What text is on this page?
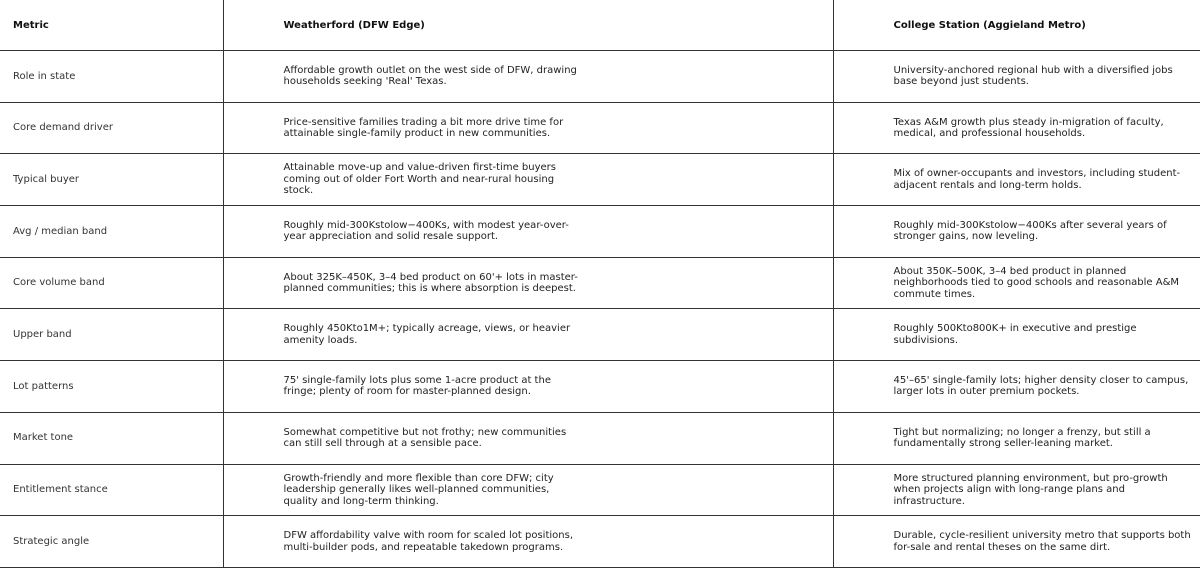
Metric	Weatherford (DFW Edge)	College Station (Aggieland Metro)
Role in state	Affordable growth outlet on the west side of DFW, drawing households seeking 'Real' Texas.	University-anchored regional hub with a diversified jobs base beyond just students.

Core demand driver	Price-sensitive families trading a bit more drive time for attainable single-family product in new communities.	Texas A&M growth plus steady in-migration of faculty, medical, and professional households.

Typical buyer	Attainable move-up and value-driven first-time buyers coming out of older Fort Worth and near-rural housing stock.	Mix of owner-occupants and investors, including student-adjacent rentals and long-term holds.

Avg / median band	Roughly mid-300Kstolow−400Ks, with modest year-over-year appreciation and solid resale support.	Roughly mid-300Kstolow−400Ks after several years of stronger gains, now leveling.

Core volume band	About 325K–450K, 3–4 bed product on 60'+ lots in master-planned communities; this is where absorption is deepest.	About 350K–500K, 3–4 bed product in planned neighborhoods tied to good schools and reasonable A&M commute times.

Upper band	Roughly 450Kto1M+; typically acreage, views, or heavier amenity loads.	Roughly 500Kto800K+ in executive and prestige subdivisions.

Lot patterns	75' single-family lots plus some 1-acre product at the fringe; plenty of room for master-planned design.	45'–65' single-family lots; higher density closer to campus, larger lots in outer premium pockets.

Market tone	Somewhat competitive but not frothy; new communities can still sell through at a sensible pace.	Tight but normalizing; no longer a frenzy, but still a fundamentally strong seller-leaning market.

Entitlement stance	Growth-friendly and more flexible than core DFW; city leadership generally likes well-planned communities, quality and long-term thinking.	More structured planning environment, but pro-growth when projects align with long-range plans and infrastructure.

Strategic angle	DFW affordability valve with room for scaled lot positions, multi-builder pods, and repeatable takedown programs.	Durable, cycle-resilient university metro that supports both for-sale and rental theses on the same dirt.
